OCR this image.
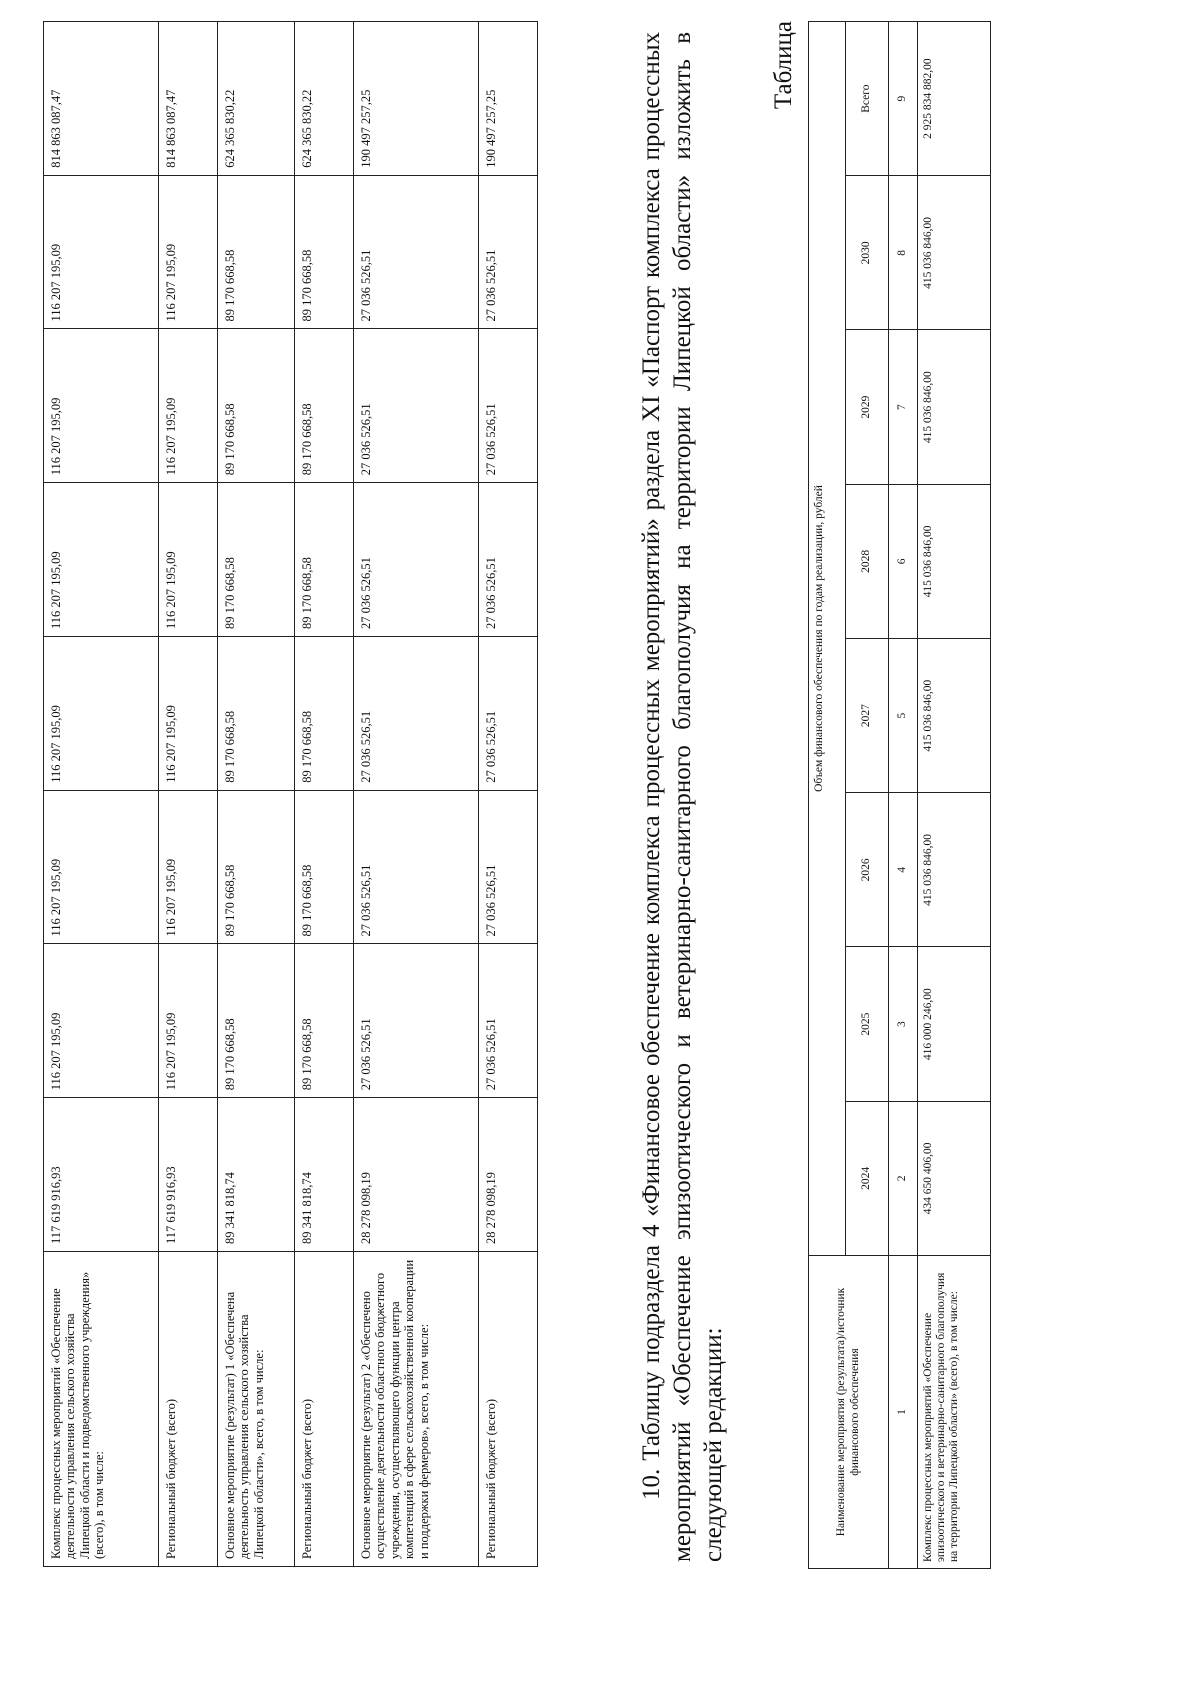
Комплекс процессных мероприятий «Обеспечение деятельности управления сельского хозяйства Липецкой области и подведомственного учреждения» (всего), в том числе:	117 619 916,93	116 207 195,09	116 207 195,09	116 207 195,09	116 207 195,09	116 207 195,09	116 207 195,09	814 863 087,47
Региональный бюджет (всего)	117 619 916,93	116 207 195,09	116 207 195,09	116 207 195,09	116 207 195,09	116 207 195,09	116 207 195,09	814 863 087,47
Основное мероприятие (результат) 1 «Обеспечена деятельность управления сельского хозяйства Липецкой области», всего, в том числе:	89 341 818,74	89 170 668,58	89 170 668,58	89 170 668,58	89 170 668,58	89 170 668,58	89 170 668,58	624 365 830,22
Региональный бюджет (всего)	89 341 818,74	89 170 668,58	89 170 668,58	89 170 668,58	89 170 668,58	89 170 668,58	89 170 668,58	624 365 830,22
Основное мероприятие (результат) 2 «Обеспечено осуществление деятельности областного бюджетного учреждения, осуществляющего функции центра компетенций в сфере сельскохозяйственной кооперации и поддержки фермеров», всего, в том числе:	28 278 098,19	27 036 526,51	27 036 526,51	27 036 526,51	27 036 526,51	27 036 526,51	27 036 526,51	190 497 257,25
Региональный бюджет (всего)	28 278 098,19	27 036 526,51	27 036 526,51	27 036 526,51	27 036 526,51	27 036 526,51	27 036 526,51	190 497 257,25	10. Таблицу подраздела 4 «Финансовое обеспечение комплекса процессных мероприятий» раздела XI «Паспорт комплекса процессных мероприятий «Обеспечение эпизоотического и ветеринарно-санитарного благополучия на территории Липецкой области» изложить в следующей редакции:

Таблица
Наименование мероприятия (результата)/источник финансового обеспечения	Объем финансового обеспечения по годам реализации, рублей							
	2024	2025	2026	2027	2028	2029	2030	Всего
1	2	3	4	5	6	7	8	9
Комплекс процессных мероприятий «Обеспечение эпизоотического и ветеринарно-санитарного благополучия на территории Липецкой области» (всего), в том числе:	434 650 406,00	416 000 246,00	415 036 846,00	415 036 846,00	415 036 846,00	415 036 846,00	415 036 846,00	2 925 834 882,00
